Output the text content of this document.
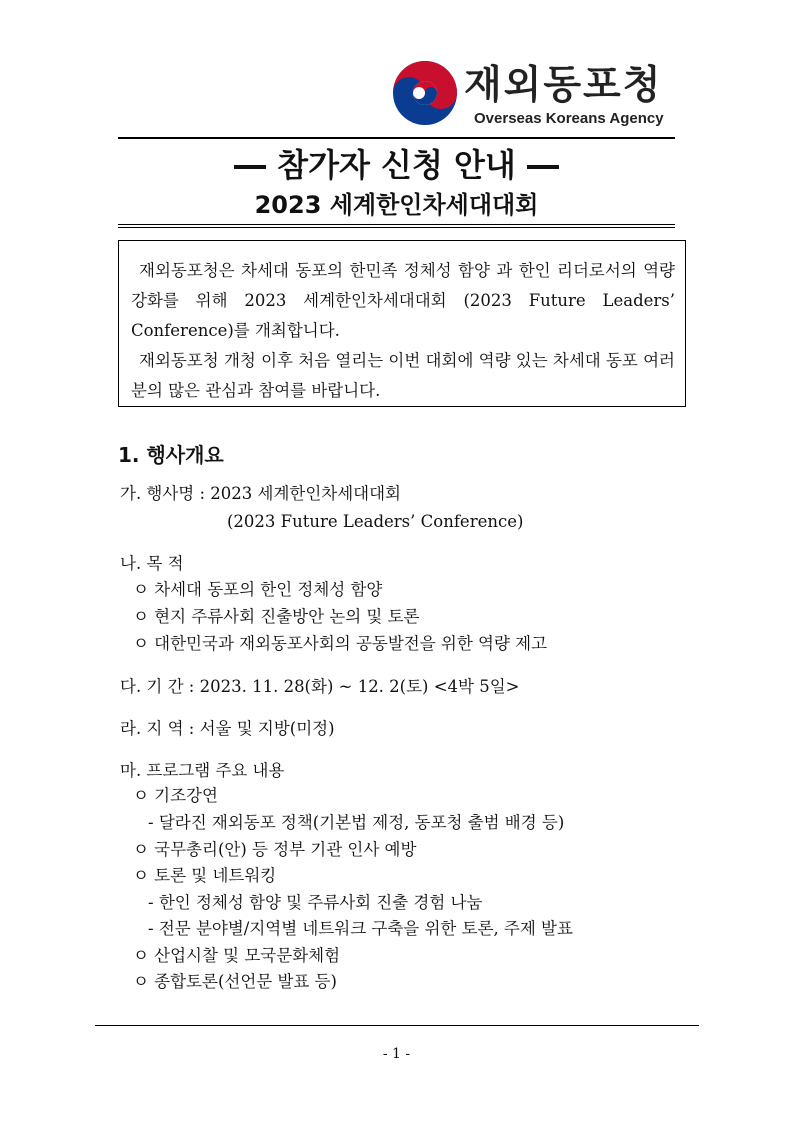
재외동포청
Overseas Koreans Agency
― 참가자 신청 안내 ―
2023 세계한인차세대대회

재외동포청은 차세대 동포의 한민족 정체성 함양 과 한인 리더로서의 역량 강화를 위해 2023 세계한인차세대대회 (2023 Future Leaders’ Conference)를 개최합니다.

재외동포청 개청 이후 처음 열리는 이번 대회에 역량 있는 차세대 동포 여러분의 많은 관심과 참여를 바랍니다.

1. 행사개요
가. 행사명 : 2023 세계한인차세대대회
(2023 Future Leaders’ Conference)
나. 목 적
ㅇ 차세대 동포의 한인 정체성 함양
ㅇ 현지 주류사회 진출방안 논의 및 토론
ㅇ 대한민국과 재외동포사회의 공동발전을 위한 역량 제고
다. 기 간 : 2023. 11. 28(화) ~ 12. 2(토) <4박 5일>
라. 지 역 : 서울 및 지방(미정)
마. 프로그램 주요 내용
ㅇ 기조강연
- 달라진 재외동포 정책(기본법 제정, 동포청 출범 배경 등)
ㅇ 국무총리(안) 등 정부 기관 인사 예방
ㅇ 토론 및 네트워킹
- 한인 정체성 함양 및 주류사회 진출 경험 나눔
- 전문 분야별/지역별 네트워크 구축을 위한 토론, 주제 발표
ㅇ 산업시찰 및 모국문화체험
ㅇ 종합토론(선언문 발표 등)
- 1 -
